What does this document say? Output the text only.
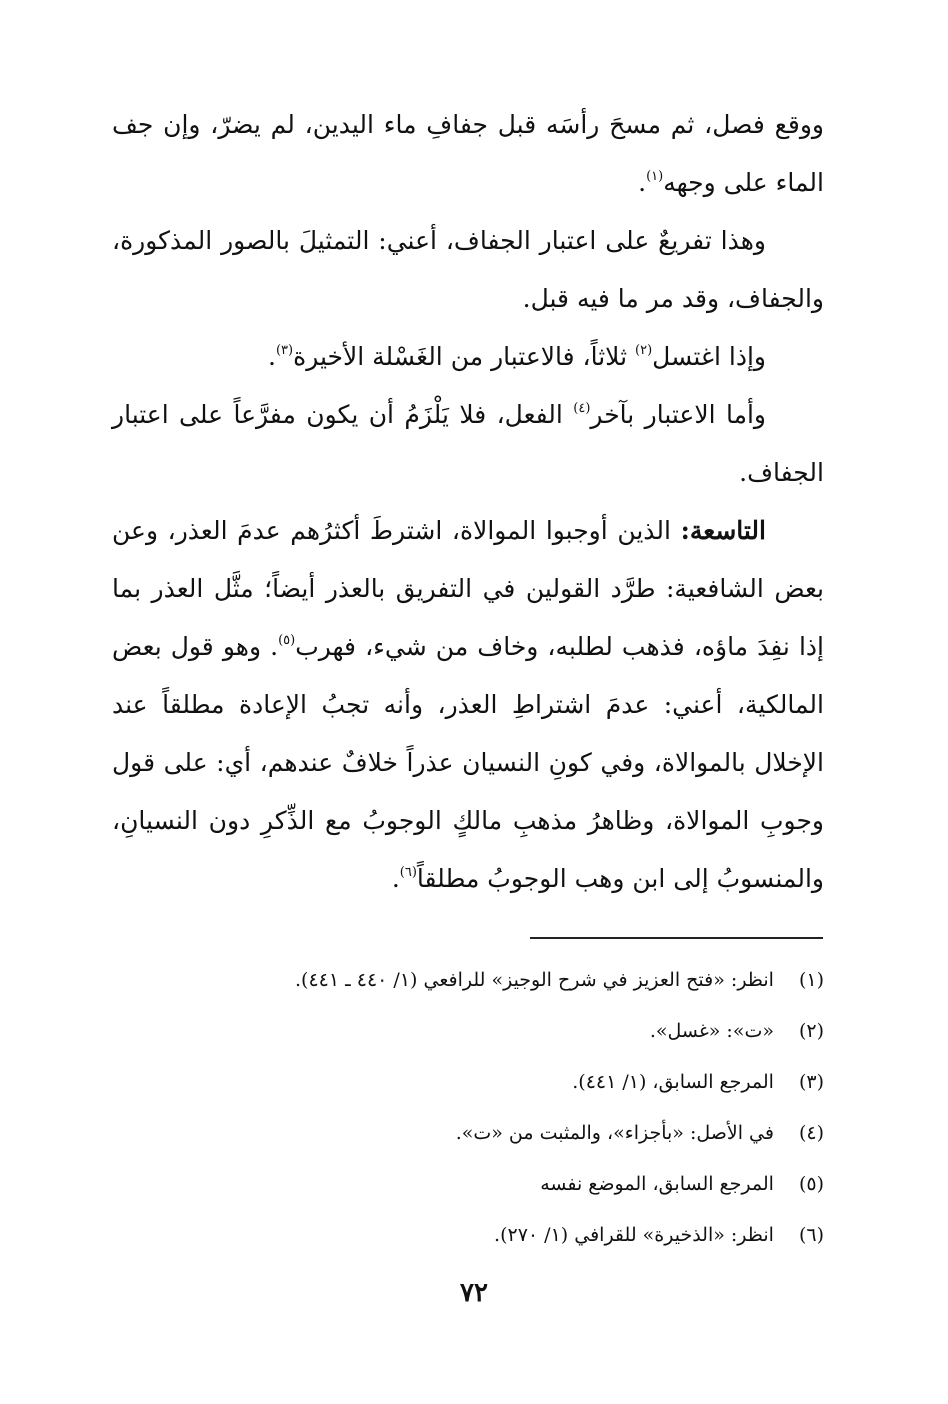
ووقع فصل، ثم مسحَ رأسَه قبل جفافِ ماء اليدين، لم يضرّ، وإن جف الماء على وجهه$^{(١)}$.

وهذا تفريعٌ على اعتبار الجفاف، أعني: التمثيلَ بالصور المذكورة، والجفاف، وقد مر ما فيه قبل.

وإذا اغتسل$^{(٢)}$ ثلاثاً، فالاعتبار من الغَسْلة الأخيرة$^{(٣)}$.

وأما الاعتبار بآخر$^{(٤)}$ الفعل، فلا يَلْزَمُ أن يكون مفرَّعاً على اعتبار الجفاف.

التاسعة: الذين أوجبوا الموالاة، اشترطَ أكثرُهم عدمَ العذر، وعن بعض الشافعية: طرَّد القولين في التفريق بالعذر أيضاً؛ مثَّل العذر بما إذا نفِدَ ماؤه، فذهب لطلبه، وخاف من شيء، فهرب$^{(٥)}$. وهو قول بعض المالكية، أعني: عدمَ اشتراطِ العذر، وأنه تجبُ الإعادة مطلقاً عند الإخلال بالموالاة، وفي كونِ النسيان عذراً خلافٌ عندهم، أي: على قول وجوبِ الموالاة، وظاهرُ مذهبِ مالكٍ الوجوبُ مع الذِّكرِ دون النسيانِ، والمنسوبُ إلى ابن وهب الوجوبُ مطلقاً$^{(٦)}$.

(١) انظر: «فتح العزيز في شرح الوجيز» للرافعي (١/ ٤٤٠ ـ ٤٤١).
(٢) «ت»: «غسل».
(٣) المرجع السابق، (١/ ٤٤١).
(٤) في الأصل: «بأجزاء»، والمثبت من «ت».
(٥) المرجع السابق، الموضع نفسه
(٦) انظر: «الذخيرة» للقرافي (١/ ٢٧٠).
٧٢
